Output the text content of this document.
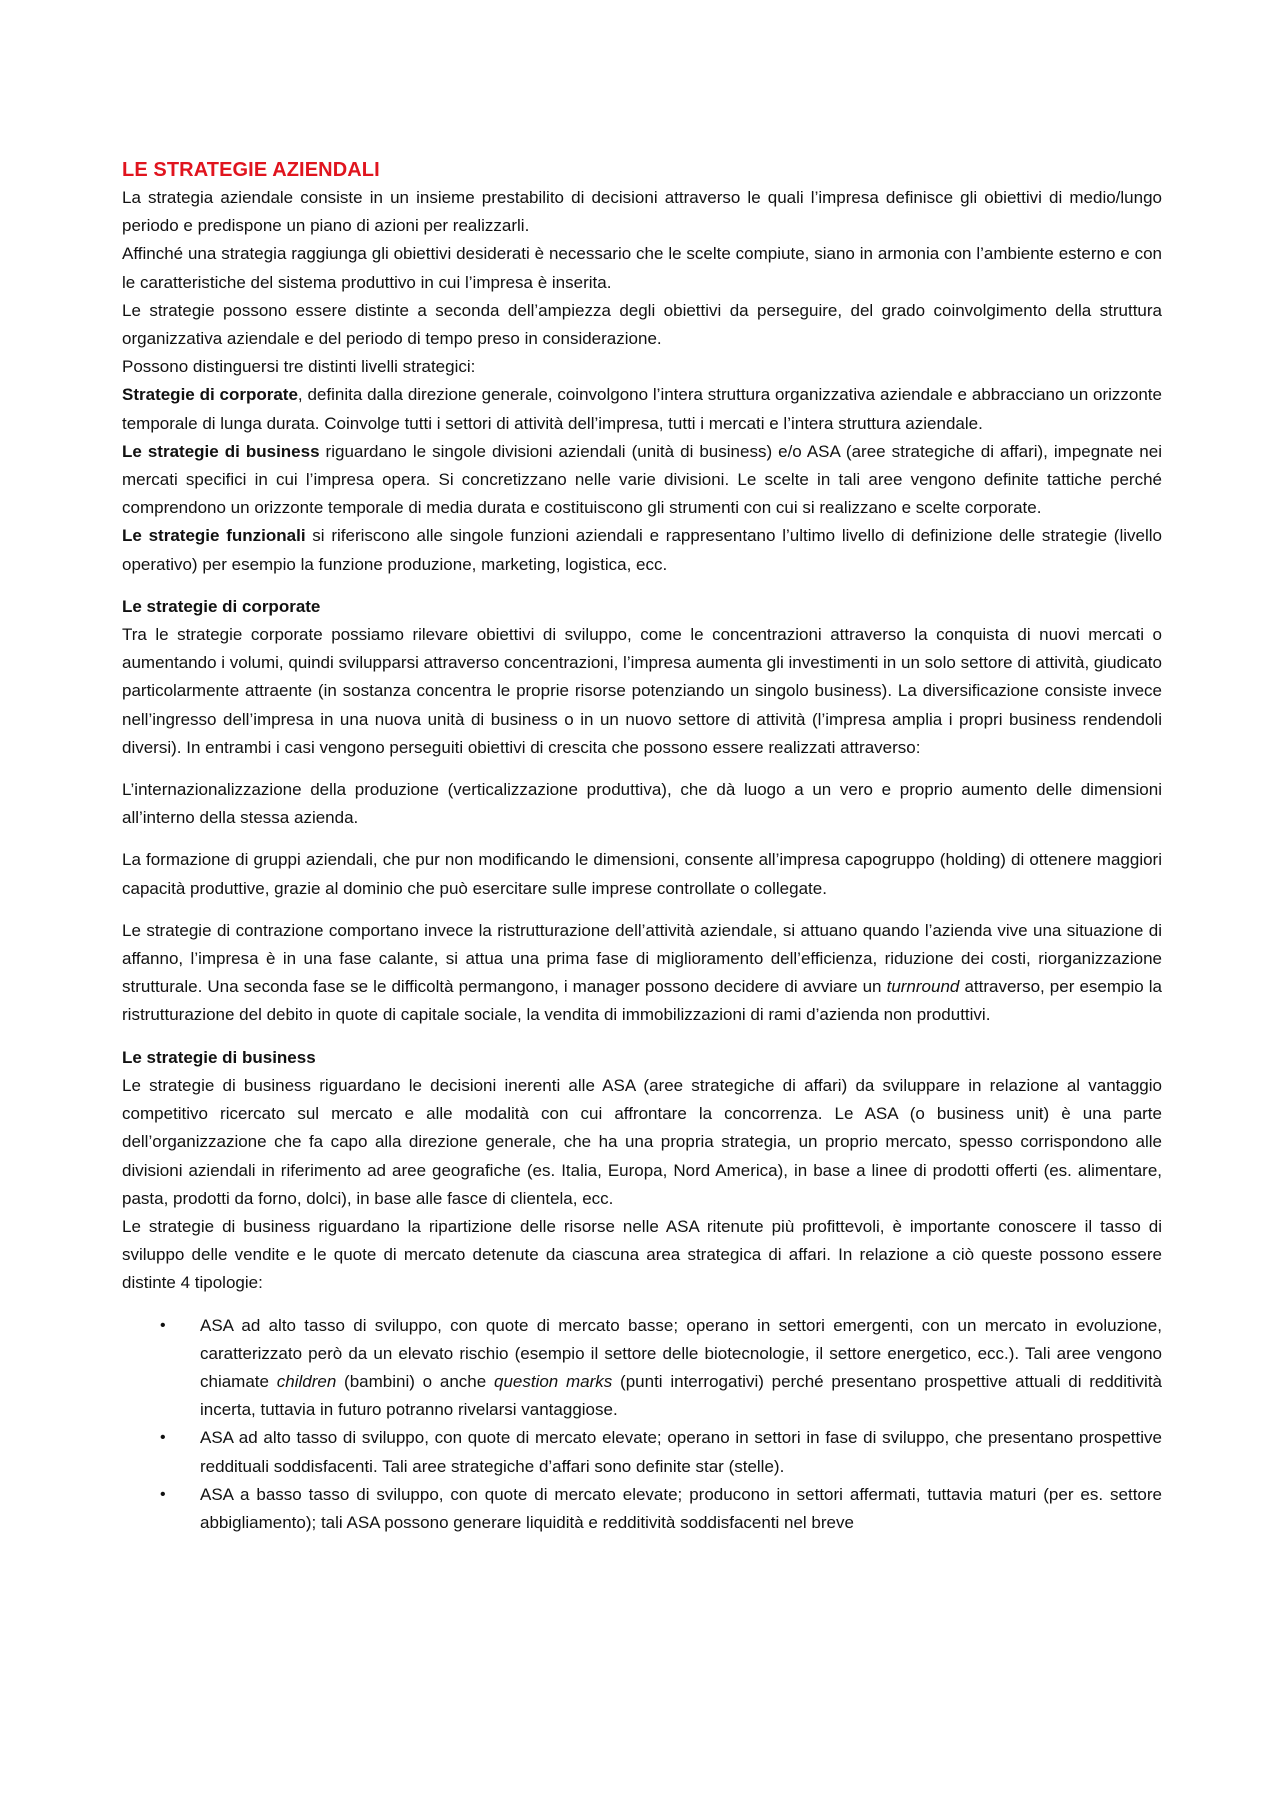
LE STRATEGIE AZIENDALI

La strategia aziendale consiste in un insieme prestabilito di decisioni attraverso le quali l’impresa definisce gli obiettivi di medio/lungo periodo e predispone un piano di azioni per realizzarli.

Affinché una strategia raggiunga gli obiettivi desiderati è necessario che le scelte compiute, siano in armonia con l’ambiente esterno e con le caratteristiche del sistema produttivo in cui l’impresa è inserita.

Le strategie possono essere distinte a seconda dell’ampiezza degli obiettivi da perseguire, del grado coinvolgimento della struttura organizzativa aziendale e del periodo di tempo preso in considerazione.

Possono distinguersi tre distinti livelli strategici:

Strategie di corporate, definita dalla direzione generale, coinvolgono l’intera struttura organizzativa aziendale e abbracciano un orizzonte temporale di lunga durata. Coinvolge tutti i settori di attività dell’impresa, tutti i mercati e l’intera struttura aziendale.

Le strategie di business riguardano le singole divisioni aziendali (unità di business) e/o ASA (aree strategiche di affari), impegnate nei mercati specifici in cui l’impresa opera. Si concretizzano nelle varie divisioni. Le scelte in tali aree vengono definite tattiche perché comprendono un orizzonte temporale di media durata e costituiscono gli strumenti con cui si realizzano e scelte corporate.

Le strategie funzionali si riferiscono alle singole funzioni aziendali e rappresentano l’ultimo livello di definizione delle strategie (livello operativo) per esempio la funzione produzione, marketing, logistica, ecc.

Le strategie di corporate

Tra le strategie corporate possiamo rilevare obiettivi di sviluppo, come le concentrazioni attraverso la conquista di nuovi mercati o aumentando i volumi, quindi svilupparsi attraverso concentrazioni, l’impresa aumenta gli investimenti in un solo settore di attività, giudicato particolarmente attraente (in sostanza concentra le proprie risorse potenziando un singolo business). La diversificazione consiste invece nell’ingresso dell’impresa in una nuova unità di business o in un nuovo settore di attività (l’impresa amplia i propri business rendendoli diversi). In entrambi i casi vengono perseguiti obiettivi di crescita che possono essere realizzati attraverso:

L’internazionalizzazione della produzione (verticalizzazione produttiva), che dà luogo a un vero e proprio aumento delle dimensioni all’interno della stessa azienda.

La formazione di gruppi aziendali, che pur non modificando le dimensioni, consente all’impresa capogruppo (holding) di ottenere maggiori capacità produttive, grazie al dominio che può esercitare sulle imprese controllate o collegate.

Le strategie di contrazione comportano invece la ristrutturazione dell’attività aziendale, si attuano quando l’azienda vive una situazione di affanno, l’impresa è in una fase calante, si attua una prima fase di miglioramento dell’efficienza, riduzione dei costi, riorganizzazione strutturale. Una seconda fase se le difficoltà permangono, i manager possono decidere di avviare un turnround attraverso, per esempio la ristrutturazione del debito in quote di capitale sociale, la vendita di immobilizzazioni di rami d’azienda non produttivi.

Le strategie di business

Le strategie di business riguardano le decisioni inerenti alle ASA (aree strategiche di affari) da sviluppare in relazione al vantaggio competitivo ricercato sul mercato e alle modalità con cui affrontare la concorrenza. Le ASA (o business unit) è una parte dell’organizzazione che fa capo alla direzione generale, che ha una propria strategia, un proprio mercato, spesso corrispondono alle divisioni aziendali in riferimento ad aree geografiche (es. Italia, Europa, Nord America), in base a linee di prodotti offerti (es. alimentare, pasta, prodotti da forno, dolci), in base alle fasce di clientela, ecc.

Le strategie di business riguardano la ripartizione delle risorse nelle ASA ritenute più profittevoli, è importante conoscere il tasso di sviluppo delle vendite e le quote di mercato detenute da ciascuna area strategica di affari. In relazione a ciò queste possono essere distinte 4 tipologie:

• ASA ad alto tasso di sviluppo, con quote di mercato basse; operano in settori emergenti, con un mercato in evoluzione, caratterizzato però da un elevato rischio (esempio il settore delle biotecnologie, il settore energetico, ecc.). Tali aree vengono chiamate children (bambini) o anche question marks (punti interrogativi) perché presentano prospettive attuali di redditività incerta, tuttavia in futuro potranno rivelarsi vantaggiose.
• ASA ad alto tasso di sviluppo, con quote di mercato elevate; operano in settori in fase di sviluppo, che presentano prospettive reddituali soddisfacenti. Tali aree strategiche d’affari sono definite star (stelle).
• ASA a basso tasso di sviluppo, con quote di mercato elevate; producono in settori affermati, tuttavia maturi (per es. settore abbigliamento); tali ASA possono generare liquidità e redditività soddisfacenti nel breve
